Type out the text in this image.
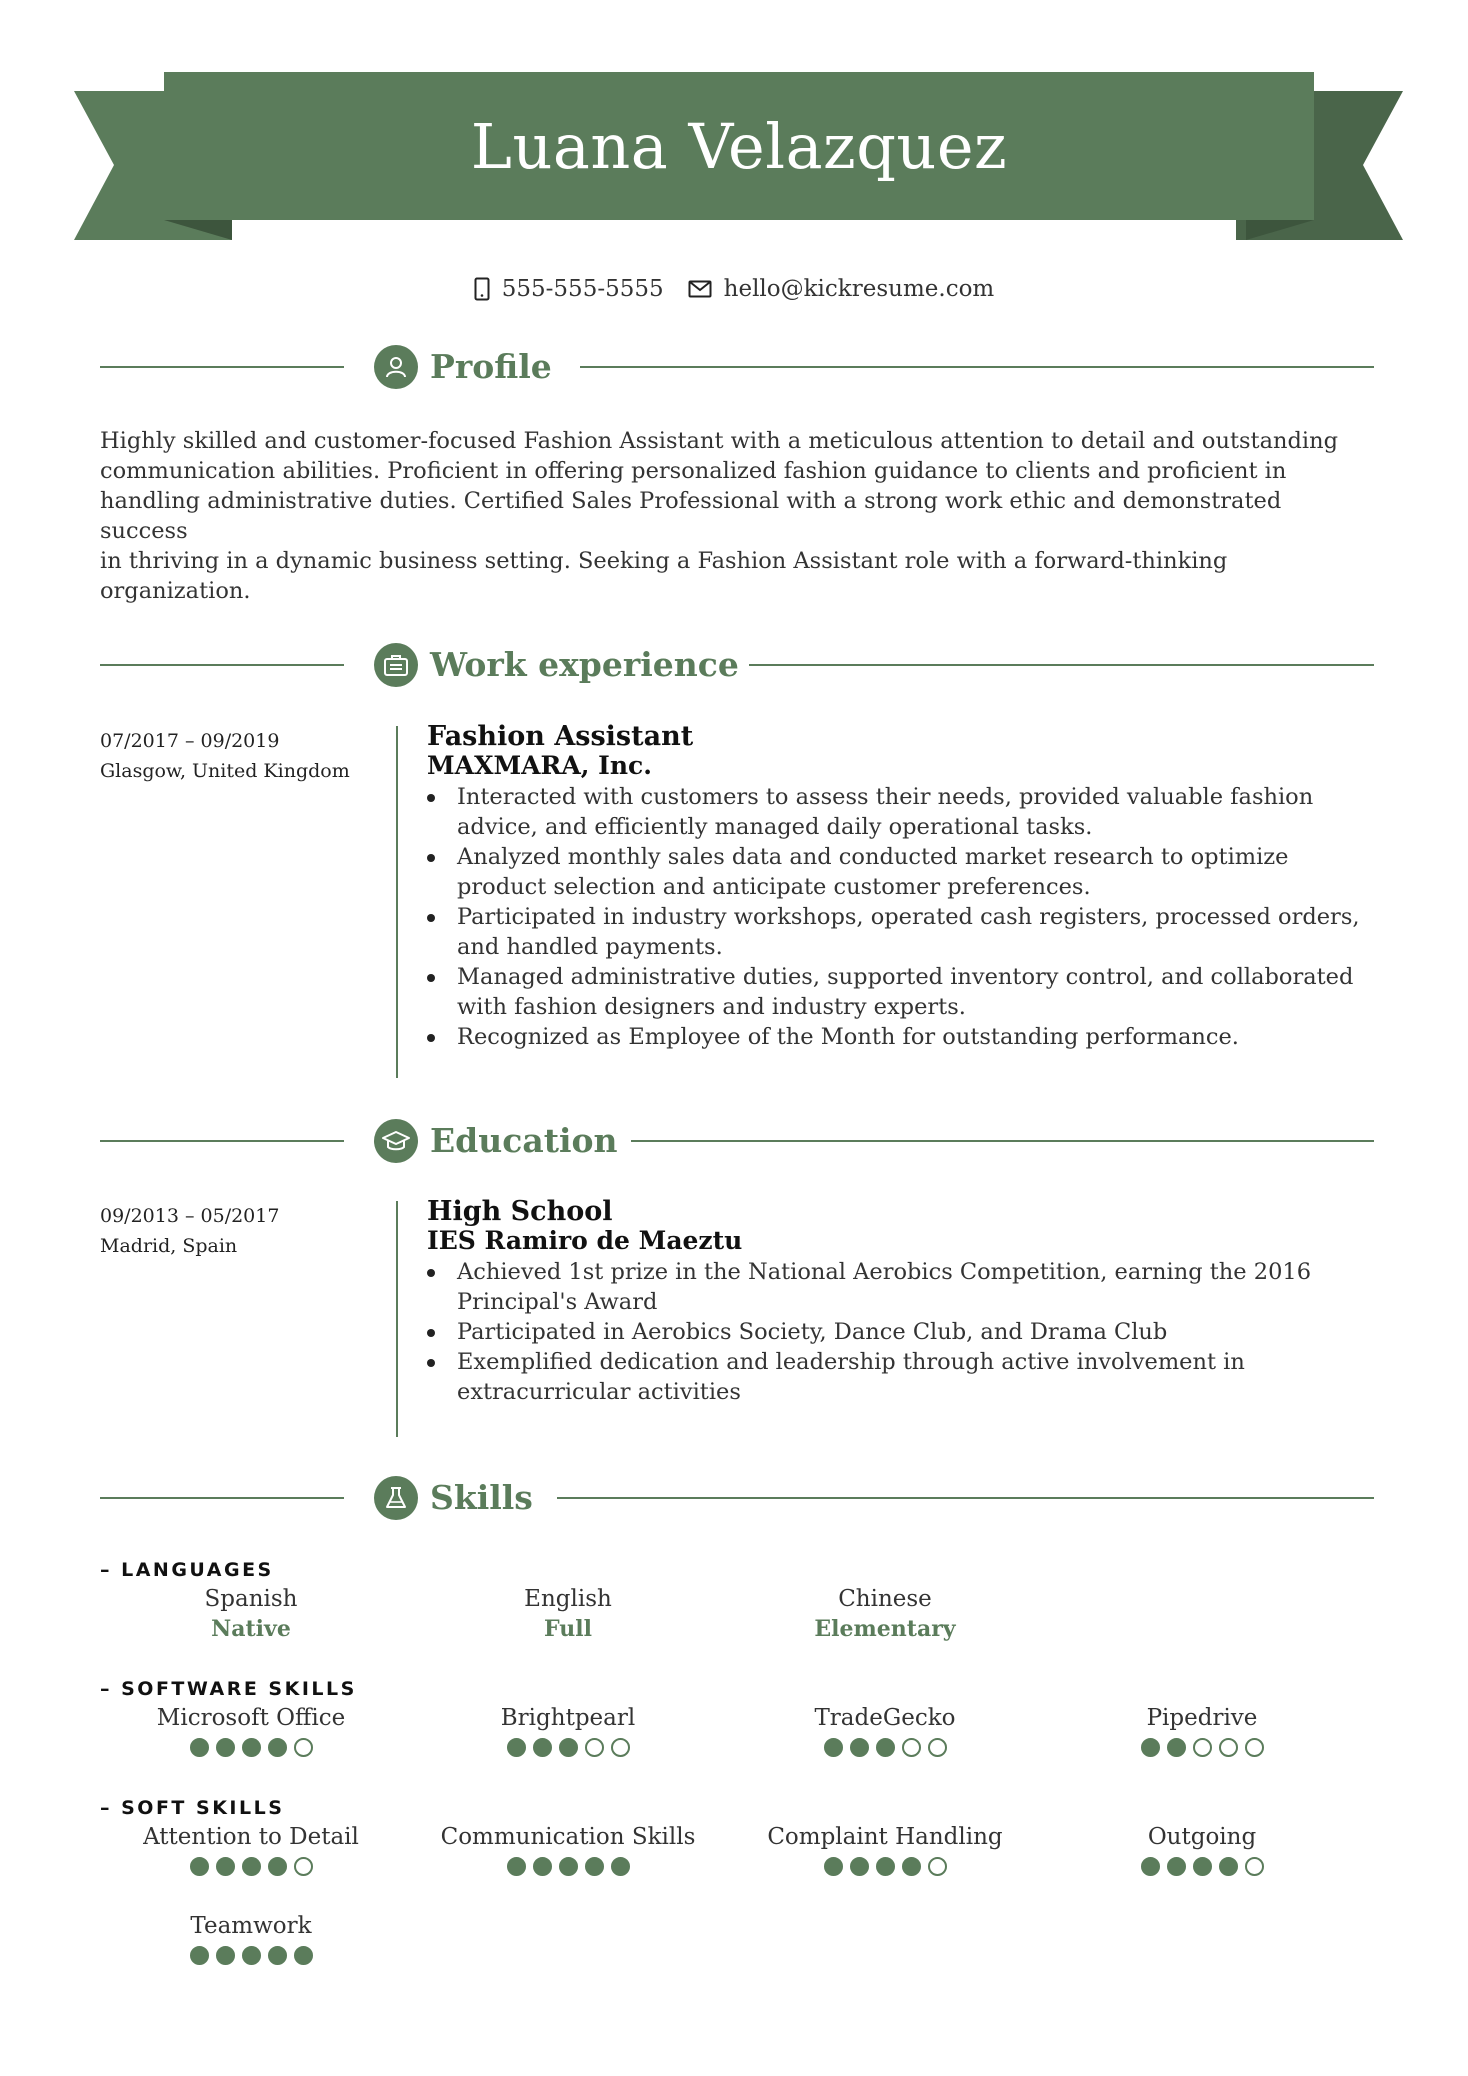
Luana Velazquez
555-555-5555	hello@kickresume.com
Profile
Highly skilled and customer-focused Fashion Assistant with a meticulous attention to detail and outstanding
communication abilities. Proficient in offering personalized fashion guidance to clients and proficient in
handling administrative duties. Certified Sales Professional with a strong work ethic and demonstrated success
in thriving in a dynamic business setting. Seeking a Fashion Assistant role with a forward-thinking
organization.
Work experience
07/2017 – 09/2019
Glasgow, United Kingdom
Fashion Assistant
MAXMARA, Inc.
Interacted with customers to assess their needs, provided valuable fashion
advice, and efficiently managed daily operational tasks.
Analyzed monthly sales data and conducted market research to optimize
product selection and anticipate customer preferences.
Participated in industry workshops, operated cash registers, processed orders,
and handled payments.
Managed administrative duties, supported inventory control, and collaborated
with fashion designers and industry experts.
Recognized as Employee of the Month for outstanding performance.
Education
09/2013 – 05/2017
Madrid, Spain
High School
IES Ramiro de Maeztu
Achieved 1st prize in the National Aerobics Competition, earning the 2016
Principal's Award
Participated in Aerobics Society, Dance Club, and Drama Club
Exemplified dedication and leadership through active involvement in
extracurricular activities
Skills
– LANGUAGES
Spanish
Native
English
Full
Chinese
Elementary
– SOFTWARE SKILLS
Microsoft Office	Brightpearl	TradeGecko	Pipedrive
– SOFT SKILLS
Attention to Detail	Communication Skills	Complaint Handling	Outgoing
Teamwork
